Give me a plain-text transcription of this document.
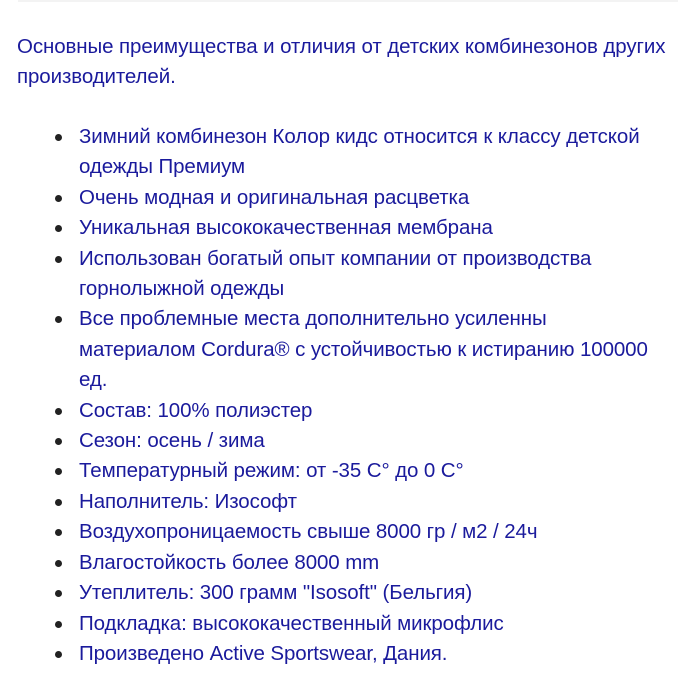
Основные преимущества и отличия от детских комбинезонов других производителей.

Зимний комбинезон Колор кидс относится к классу детской одежды Премиум
Очень модная и оригинальная расцветка
Уникальная высококачественная мембрана
Использован богатый опыт компании от производства горнолыжной одежды
Все проблемные места дополнительно усиленны материалом Cordura® с устойчивостью к истиранию 100000 ед.
Состав: 100% полиэстер
Сезон: осень / зима
Температурный режим: от -35 С° до 0 С°
Наполнитель: Изософт
Воздухопроницаемость свыше 8000 гр / м2 / 24ч
Влагостойкость более 8000 mm
Утеплитель: 300 грамм "Isosoft" (Бельгия)
Подкладка: высококачественный микрофлис
Произведено Active Sportswear, Дания.
